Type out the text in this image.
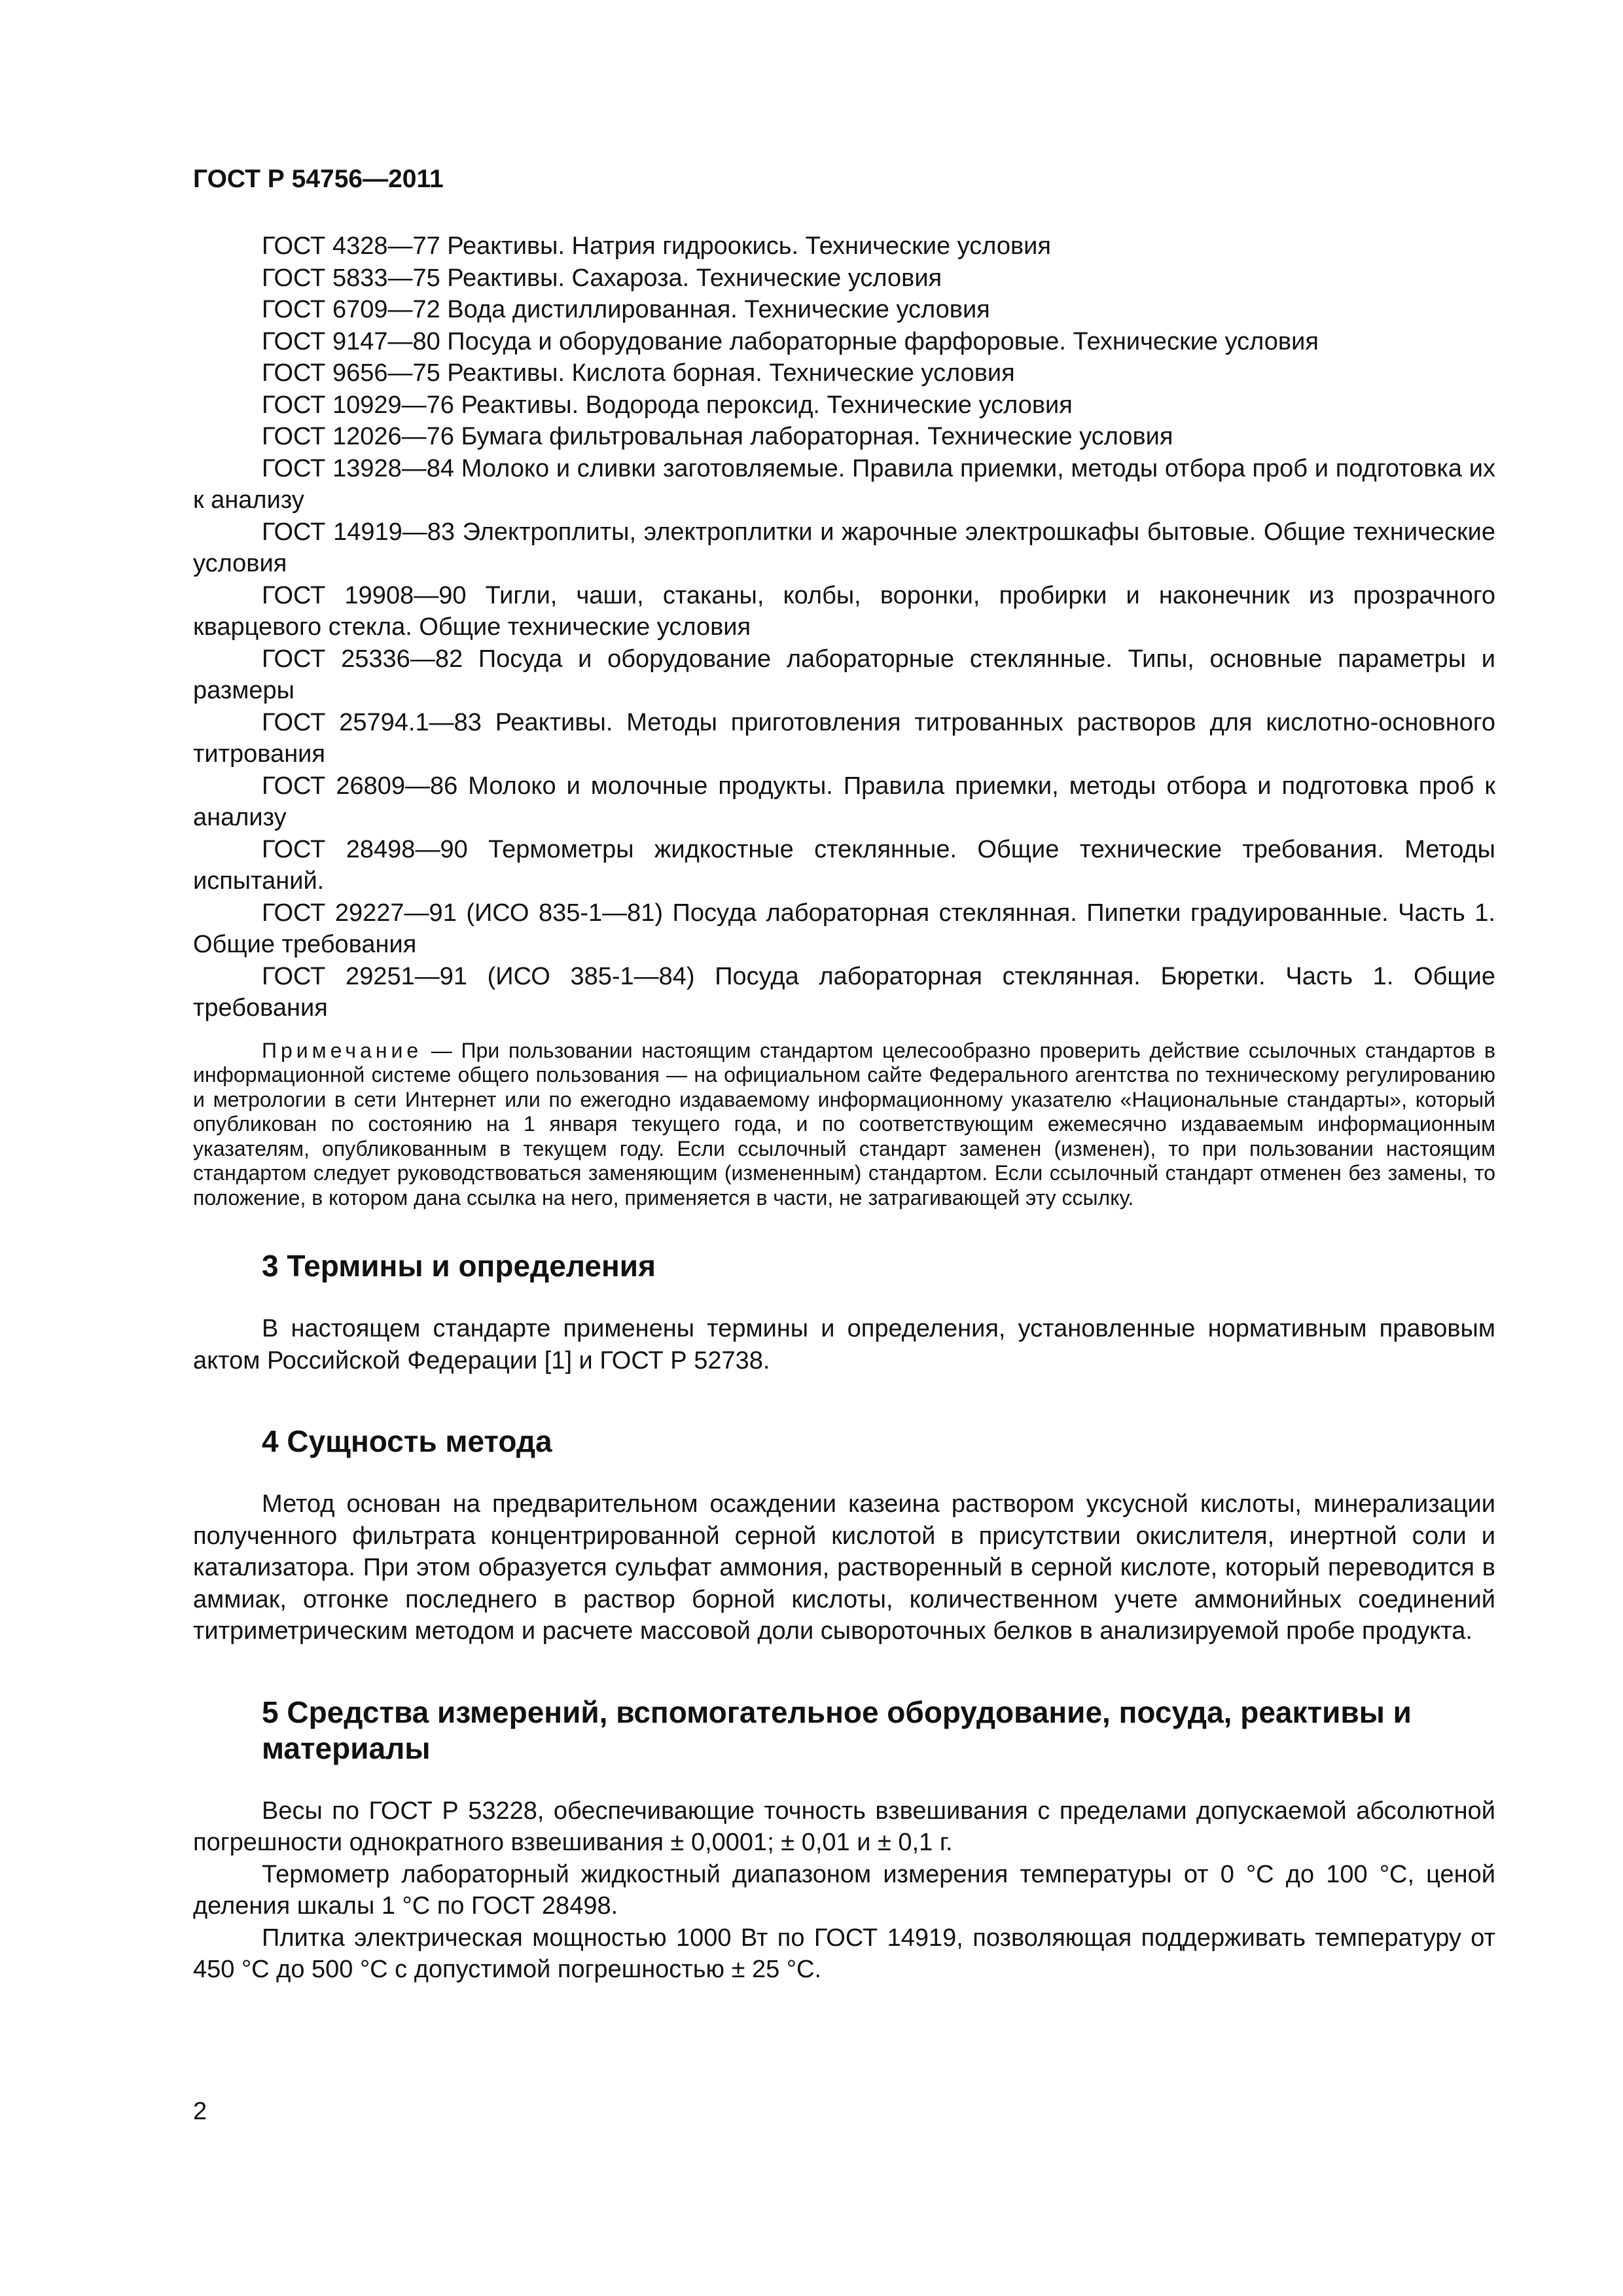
ГОСТ Р 54756—2011

ГОСТ 4328—77 Реактивы. Натрия гидроокись. Технические условия

ГОСТ 5833—75 Реактивы. Сахароза. Технические условия

ГОСТ 6709—72 Вода дистиллированная. Технические условия

ГОСТ 9147—80 Посуда и оборудование лабораторные фарфоровые. Технические условия

ГОСТ 9656—75 Реактивы. Кислота борная. Технические условия

ГОСТ 10929—76 Реактивы. Водорода пероксид. Технические условия

ГОСТ 12026—76 Бумага фильтровальная лабораторная. Технические условия

ГОСТ 13928—84 Молоко и сливки заготовляемые. Правила приемки, методы отбора проб и подготовка их к анализу

ГОСТ 14919—83 Электроплиты, электроплитки и жарочные электрошкафы бытовые. Общие технические условия

ГОСТ 19908—90 Тигли, чаши, стаканы, колбы, воронки, пробирки и наконечник из прозрачного кварцевого стекла. Общие технические условия

ГОСТ 25336—82 Посуда и оборудование лабораторные стеклянные. Типы, основные параметры и размеры

ГОСТ 25794.1—83 Реактивы. Методы приготовления титрованных растворов для кислотно-основного титрования

ГОСТ 26809—86 Молоко и молочные продукты. Правила приемки, методы отбора и подготовка проб к анализу

ГОСТ 28498—90 Термометры жидкостные стеклянные. Общие технические требования. Методы испытаний.

ГОСТ 29227—91 (ИСО 835-1—81) Посуда лабораторная стеклянная. Пипетки градуированные. Часть 1. Общие требования

ГОСТ 29251—91 (ИСО 385-1—84) Посуда лабораторная стеклянная. Бюретки. Часть 1. Общие требования

Примечание — При пользовании настоящим стандартом целесообразно проверить действие ссылочных стандартов в информационной системе общего пользования — на официальном сайте Федерального агентства по техническому регулированию и метрологии в сети Интернет или по ежегодно издаваемому информационному указателю «Национальные стандарты», который опубликован по состоянию на 1 января текущего года, и по соответствующим ежемесячно издаваемым информационным указателям, опубликованным в текущем году. Если ссылочный стандарт заменен (изменен), то при пользовании настоящим стандартом следует руководствоваться заменяющим (измененным) стандартом. Если ссылочный стандарт отменен без замены, то положение, в котором дана ссылка на него, применяется в части, не затрагивающей эту ссылку.
3 Термины и определения

В настоящем стандарте применены термины и определения, установленные нормативным правовым актом Российской Федерации [1] и ГОСТ Р 52738.

4 Сущность метода

Метод основан на предварительном осаждении казеина раствором уксусной кислоты, минерализации полученного фильтрата концентрированной серной кислотой в присутствии окислителя, инертной соли и катализатора. При этом образуется сульфат аммония, растворенный в серной кислоте, который переводится в аммиак, отгонке последнего в раствор борной кислоты, количественном учете аммонийных соединений титриметрическим методом и расчете массовой доли сывороточных белков в анализируемой пробе продукта.

5 Средства измерений, вспомогательное оборудование, посуда, реактивы и материалы

Весы по ГОСТ Р 53228, обеспечивающие точность взвешивания с пределами допускаемой абсолютной погрешности однократного взвешивания ± 0,0001; ± 0,01 и ± 0,1 г.

Термометр лабораторный жидкостный диапазоном измерения температуры от 0 °С до 100 °С, ценой деления шкалы 1 °С по ГОСТ 28498.

Плитка электрическая мощностью 1000 Вт по ГОСТ 14919, позволяющая поддерживать температуру от 450 °С до 500 °С с допустимой погрешностью ± 25 °С.

2
